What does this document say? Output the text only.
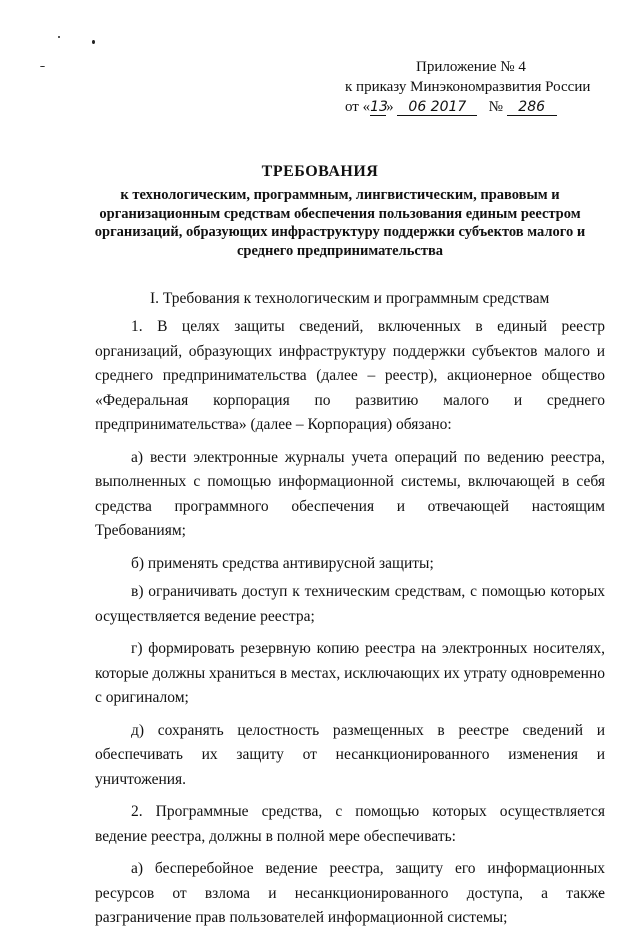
Приложение № 4
к приказу Минэкономразвития России
от «13» 06 2017 № 286
ТРЕБОВАНИЯ
к технологическим, программным, лингвистическим, правовым и организационным средствам обеспечения пользования единым реестром организаций, образующих инфраструктуру поддержки субъектов малого и среднего предпринимательства
I. Требования к технологическим и программным средствам

1. В целях защиты сведений, включенных в единый реестр организаций, образующих инфраструктуру поддержки субъектов малого и среднего предпринимательства (далее – реестр), акционерное общество «Федеральная корпорация по развитию малого и среднего предпринимательства» (далее – Корпорация) обязано:

а) вести электронные журналы учета операций по ведению реестра, выполненных с помощью информационной системы, включающей в себя средства программного обеспечения и отвечающей настоящим Требованиям;

б) применять средства антивирусной защиты;

в) ограничивать доступ к техническим средствам, с помощью которых осуществляется ведение реестра;

г) формировать резервную копию реестра на электронных носителях, которые должны храниться в местах, исключающих их утрату одновременно с оригиналом;

д) сохранять целостность размещенных в реестре сведений и обеспечивать их защиту от несанкционированного изменения и уничтожения.

2. Программные средства, с помощью которых осуществляется ведение реестра, должны в полной мере обеспечивать:

а) бесперебойное ведение реестра, защиту его информационных ресурсов от взлома и несанкционированного доступа, а также разграничение прав пользователей информационной системы;
